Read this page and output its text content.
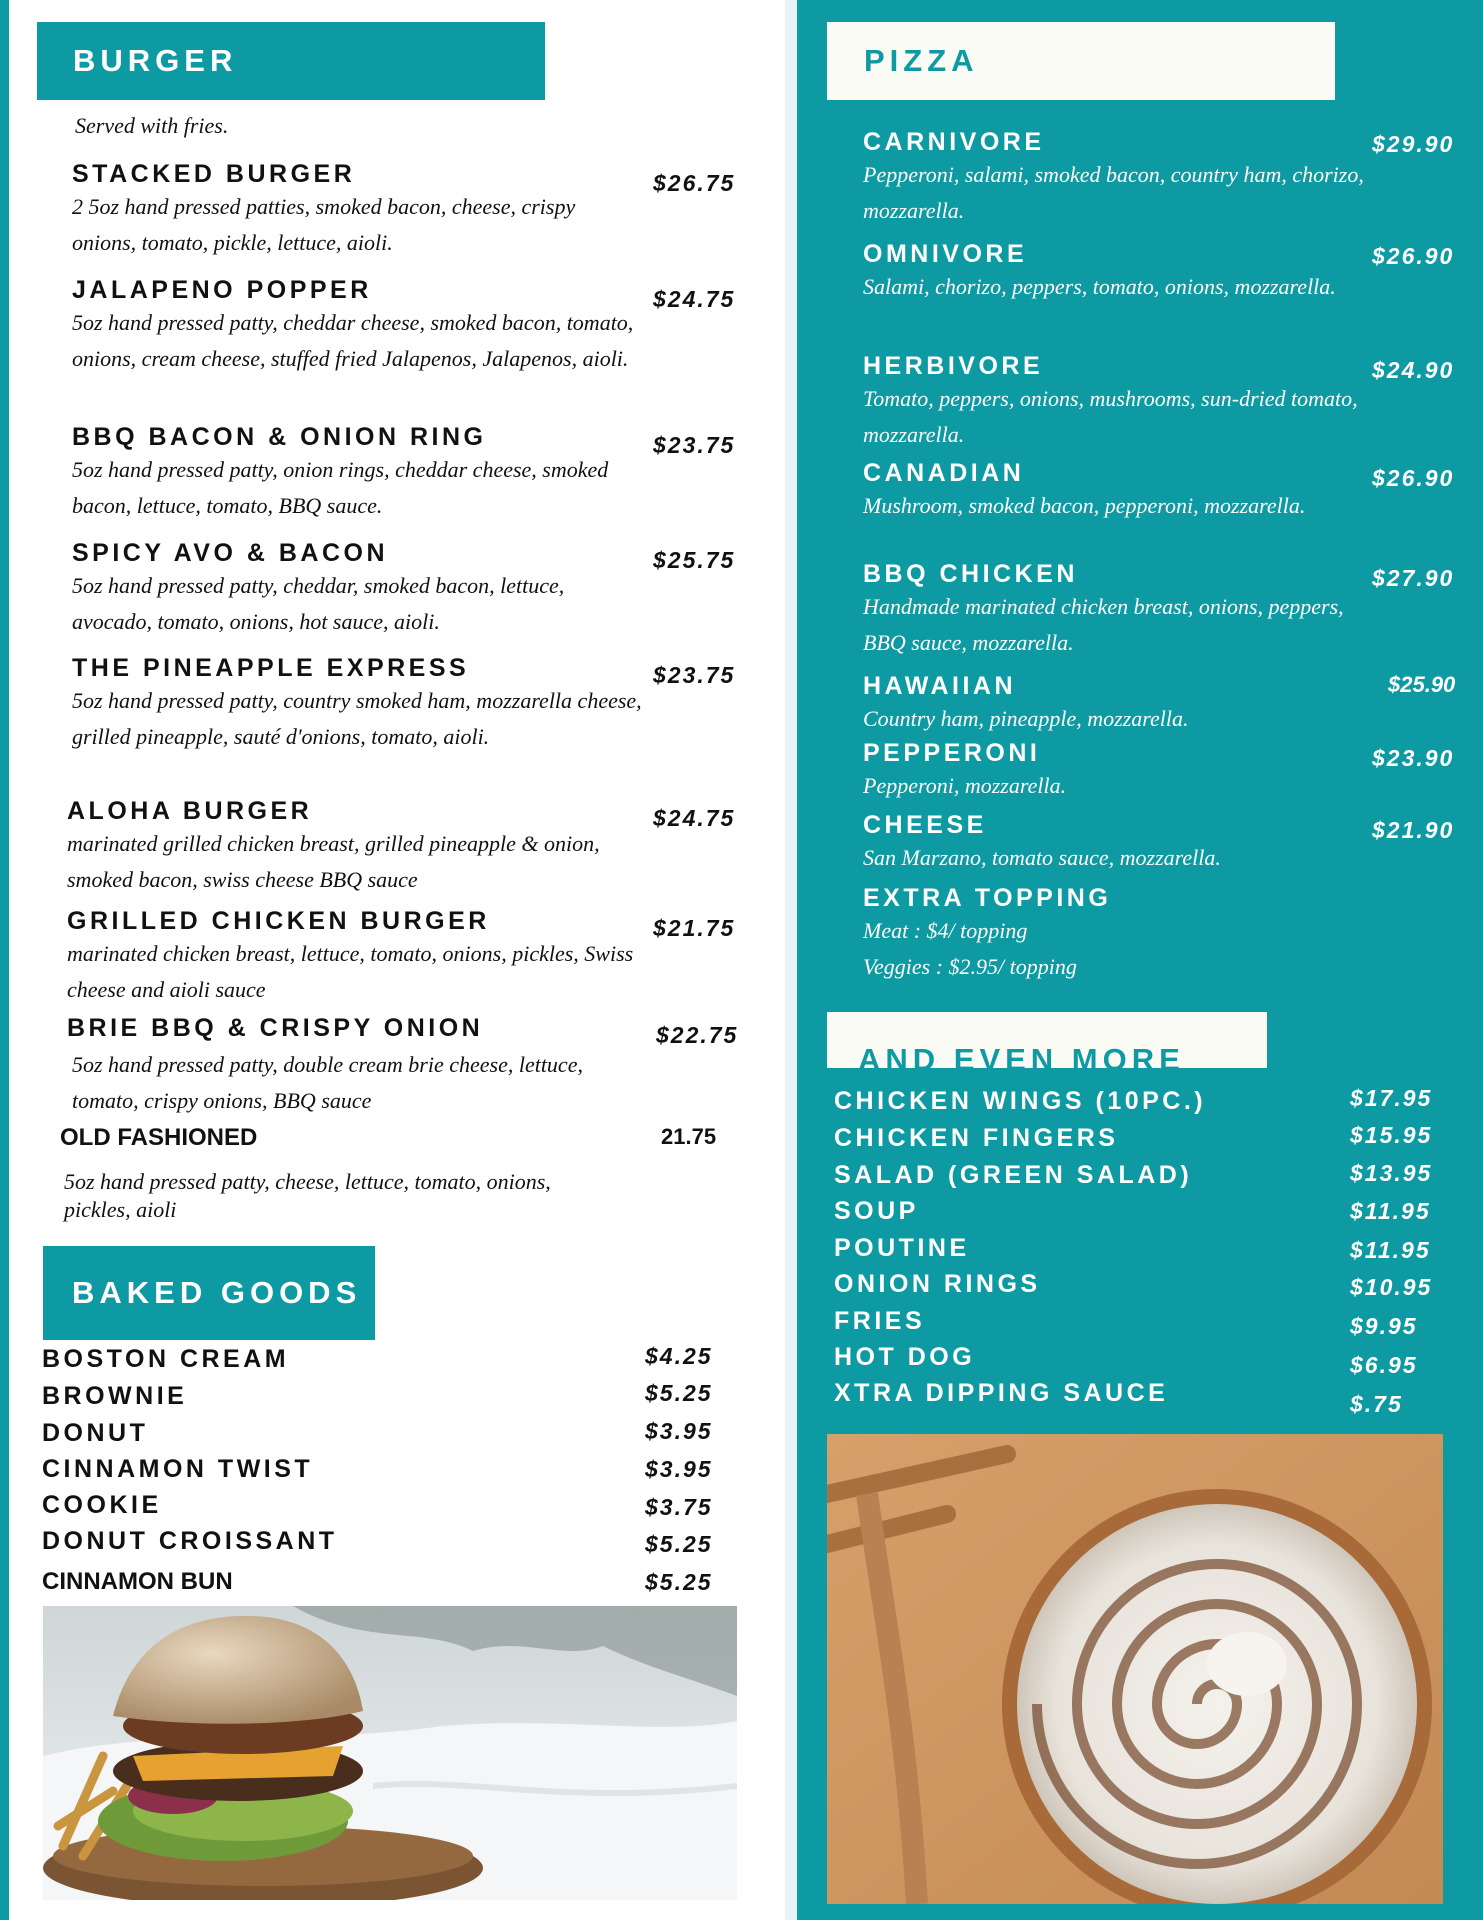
BURGER
Served with fries.
STACKED BURGER
2 5oz hand pressed patties, smoked bacon, cheese, crispy onions, tomato, pickle, lettuce, aioli.
$26.75
JALAPENO POPPER
5oz hand pressed patty, cheddar cheese, smoked bacon, tomato, onions, cream cheese, stuffed fried Jalapenos, Jalapenos, aioli.
$24.75
BBQ BACON & ONION RING
5oz hand pressed patty, onion rings, cheddar cheese, smoked bacon, lettuce, tomato, BBQ sauce.
$23.75
SPICY AVO & BACON
5oz hand pressed patty, cheddar, smoked bacon, lettuce, avocado, tomato, onions, hot sauce, aioli.
$25.75
THE PINEAPPLE EXPRESS
5oz hand pressed patty, country smoked ham, mozzarella cheese, grilled pineapple, sauté d'onions, tomato, aioli.
$23.75
ALOHA BURGER
marinated grilled chicken breast, grilled pineapple & onion, smoked bacon, swiss cheese BBQ sauce
$24.75
GRILLED CHICKEN BURGER
marinated chicken breast, lettuce, tomato, onions, pickles, Swiss cheese and aioli sauce
$21.75
BRIE BBQ & CRISPY ONION
5oz hand pressed patty, double cream brie cheese, lettuce, tomato, crispy onions, BBQ sauce
$22.75
OLD FASHIONED	21.75
5oz hand pressed patty, cheese, lettuce, tomato, onions, pickles, aioli
BAKED GOODS
BOSTON CREAM	$4.25
BROWNIE	$5.25
DONUT	$3.95
CINNAMON TWIST	$3.95
COOKIE	$3.75
DONUT CROISSANT	$5.25
CINNAMON BUN	$5.25
PIZZA
CARNIVORE
Pepperoni, salami, smoked bacon, country ham, chorizo, mozzarella.
$29.90
OMNIVORE
Salami, chorizo, peppers, tomato, onions, mozzarella.
$26.90
HERBIVORE
Tomato, peppers, onions, mushrooms, sun-dried tomato, mozzarella.
$24.90
CANADIAN
Mushroom, smoked bacon, pepperoni, mozzarella.
$26.90
BBQ CHICKEN
Handmade marinated chicken breast, onions, peppers, BBQ sauce, mozzarella.
$27.90
HAWAIIAN
Country ham, pineapple, mozzarella.
$25.90
PEPPERONI
Pepperoni, mozzarella.
$23.90
CHEESE
San Marzano, tomato sauce, mozzarella.
$21.90
EXTRA TOPPING
Meat : $4/ topping
Veggies : $2.95/ topping
AND EVEN MORE
CHICKEN WINGS (10PC.)	$17.95
CHICKEN FINGERS	$15.95
SALAD (GREEN SALAD)	$13.95
SOUP	$11.95
POUTINE	$11.95
ONION RINGS	$10.95
FRIES	$9.95
HOT DOG	$6.95
XTRA DIPPING SAUCE	$.75
